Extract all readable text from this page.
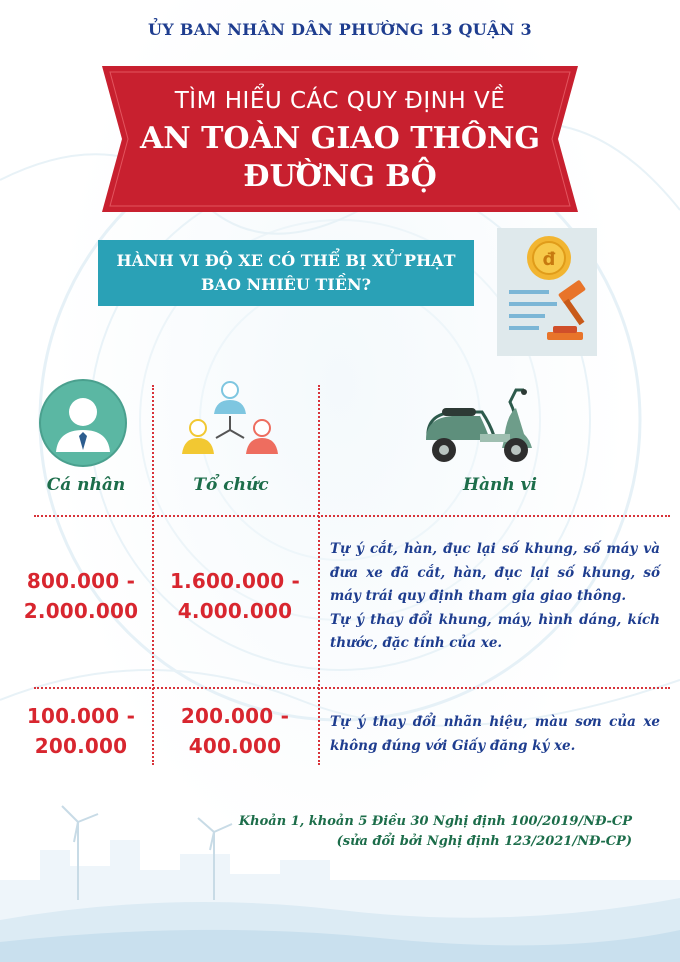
ỦY BAN NHÂN DÂN PHƯỜNG 13 QUẬN 3
TÌM HIỂU CÁC QUY ĐỊNH VỀ
AN TOÀN GIAO THÔNG
ĐƯỜNG BỘ
HÀNH VI ĐỘ XE CÓ THỂ BỊ XỬ PHẠT
BAO NHIÊU TIỀN?
đ
Cá nhân	Tổ chức	Hành vi
800.000 -
2.000.000
1.600.000 -
4.000.000

Tự ý cắt, hàn, đục lại số khung, số máy và đưa xe đã cắt, hàn, đục lại số khung, số máy trái quy định tham gia giao thông.

Tự ý thay đổi khung, máy, hình dáng, kích thước, đặc tính của xe.

100.000 -
200.000
200.000 -
400.000

Tự ý thay đổi nhãn hiệu, màu sơn của xe không đúng với Giấy đăng ký xe.

Khoản 1, khoản 5 Điều 30 Nghị định 100/2019/NĐ-CP

(sửa đổi bởi Nghị định 123/2021/NĐ-CP)
